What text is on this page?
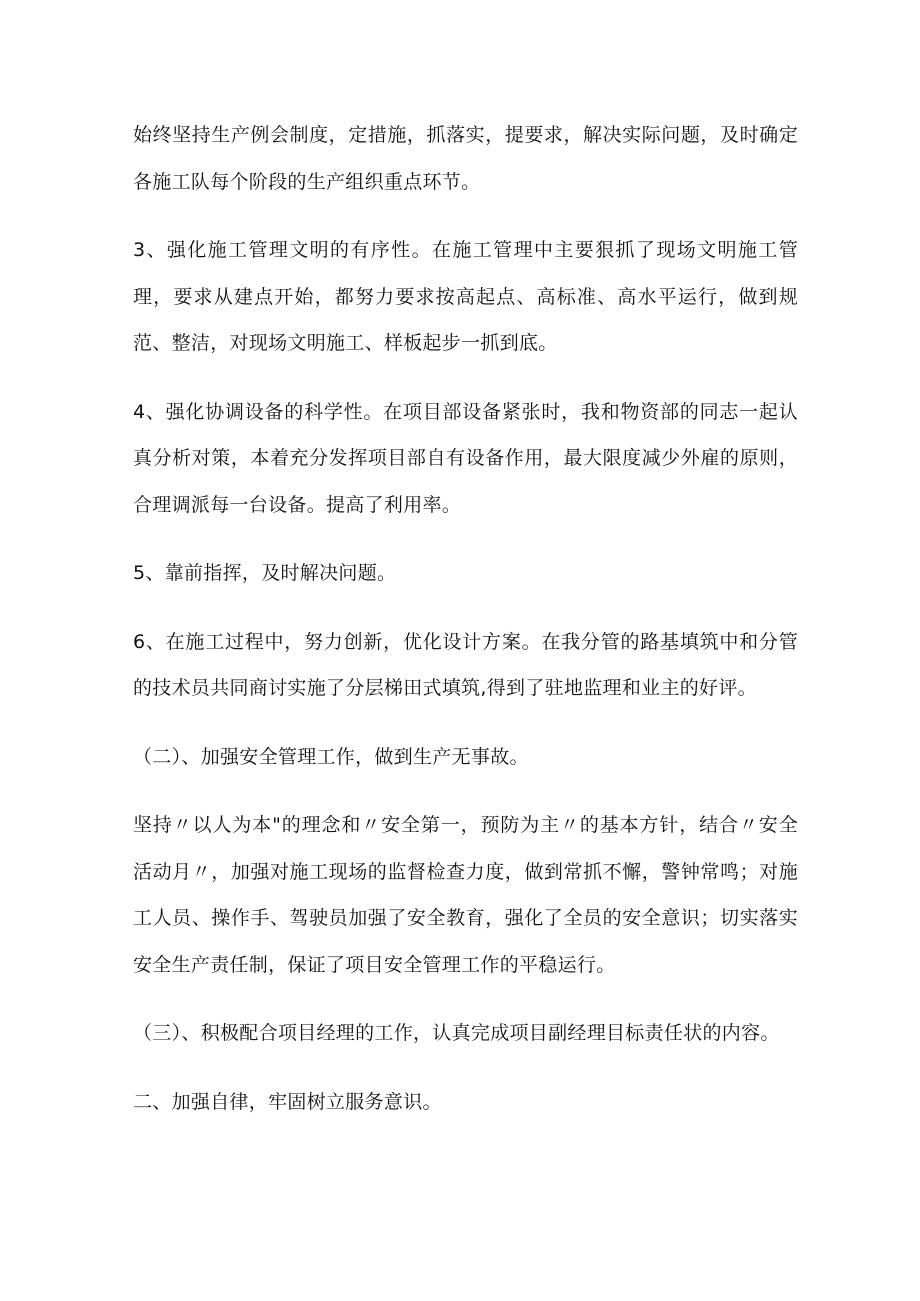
始终坚持生产例会制度，定措施，抓落实，提要求，解决实际问题，及时确定各施工队每个阶段的生产组织重点环节。

3、强化施工管理文明的有序性。在施工管理中主要狠抓了现场文明施工管理，要求从建点开始，都努力要求按高起点、高标准、高水平运行，做到规范、整洁，对现场文明施工、样板起步一抓到底。

4、强化协调设备的科学性。在项目部设备紧张时，我和物资部的同志一起认真分析对策，本着充分发挥项目部自有设备作用，最大限度减少外雇的原则，合理调派每一台设备。提高了利用率。

5、靠前指挥，及时解决问题。

6、在施工过程中，努力创新，优化设计方案。在我分管的路基填筑中和分管的技术员共同商讨实施了分层梯田式填筑,得到了驻地监理和业主的好评。

（二）、加强安全管理工作，做到生产无事故。

坚持〃以人为本"的理念和〃安全第一，预防为主〃的基本方针，结合〃安全活动月〃，加强对施工现场的监督检查力度，做到常抓不懈，警钟常鸣；对施工人员、操作手、驾驶员加强了安全教育，强化了全员的安全意识；切实落实安全生产责任制，保证了项目安全管理工作的平稳运行。

（三）、积极配合项目经理的工作，认真完成项目副经理目标责任状的内容。

二、加强自律，牢固树立服务意识。
